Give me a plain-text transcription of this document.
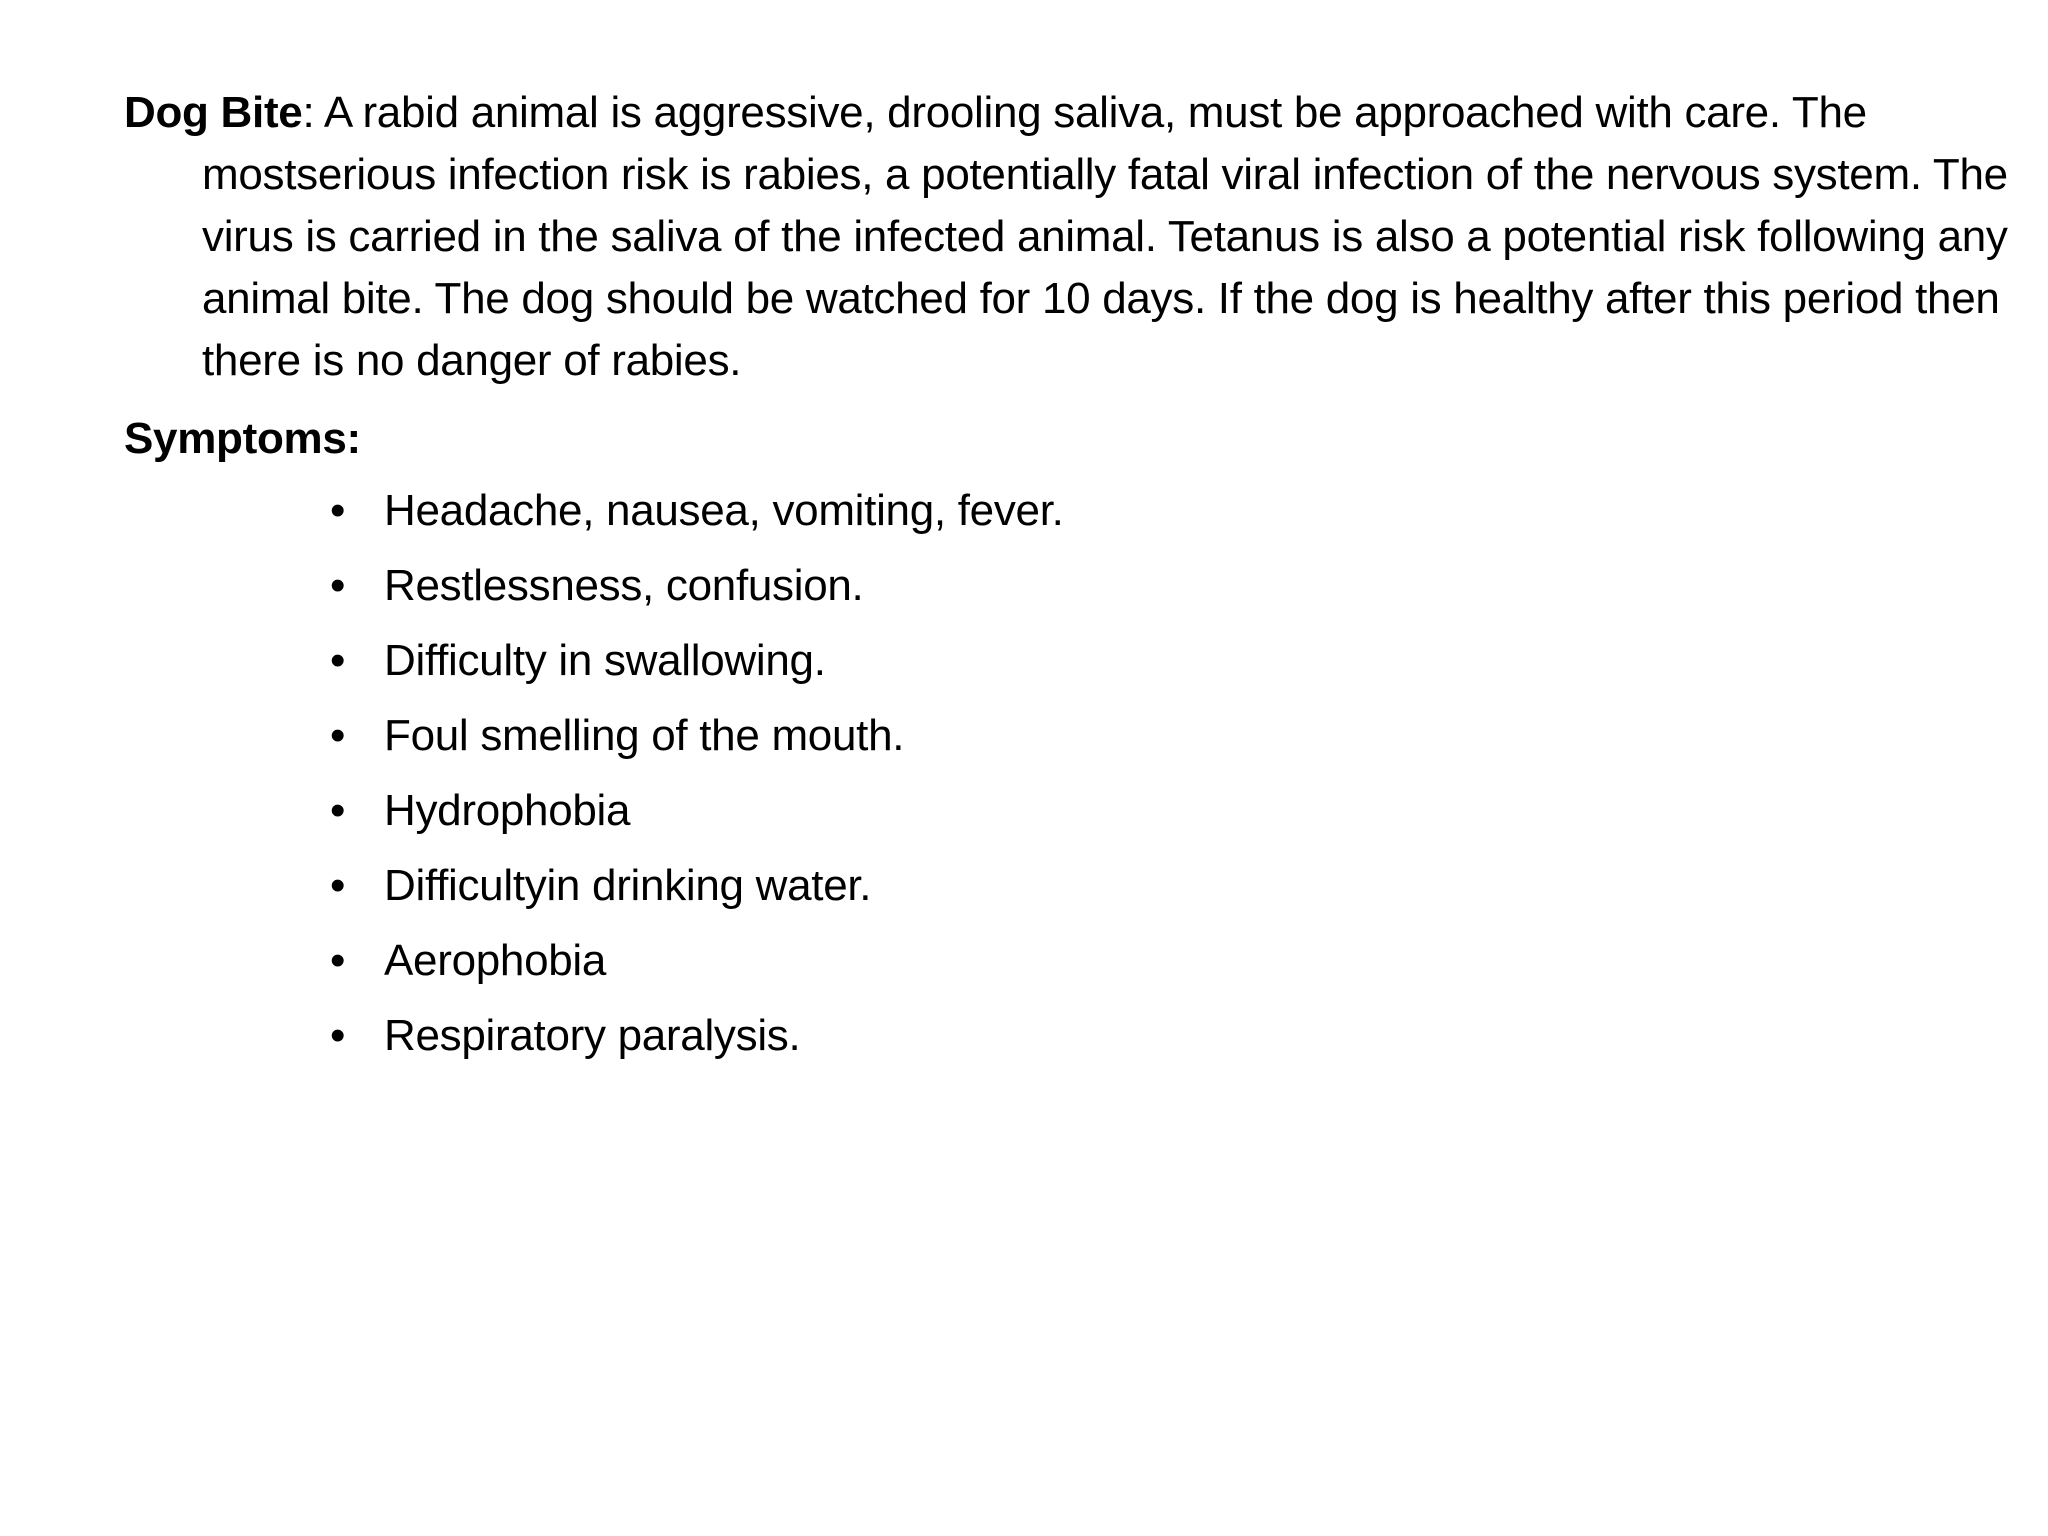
Dog Bite: A rabid animal is aggressive, drooling saliva, must be approached with care. The mostserious infection risk is rabies, a potentially fatal viral infection of the nervous system. The virus is carried in the saliva of the infected animal. Tetanus is also a potential risk following any animal bite. The dog should be watched for 10 days. If the dog is healthy after this period then there is no danger of rabies.

Symptoms:

• Headache, nausea, vomiting, fever.
• Restlessness, confusion.
• Difficulty in swallowing.
• Foul smelling of the mouth.
• Hydrophobia
• Difficultyin drinking water.
• Aerophobia
• Respiratory paralysis.
